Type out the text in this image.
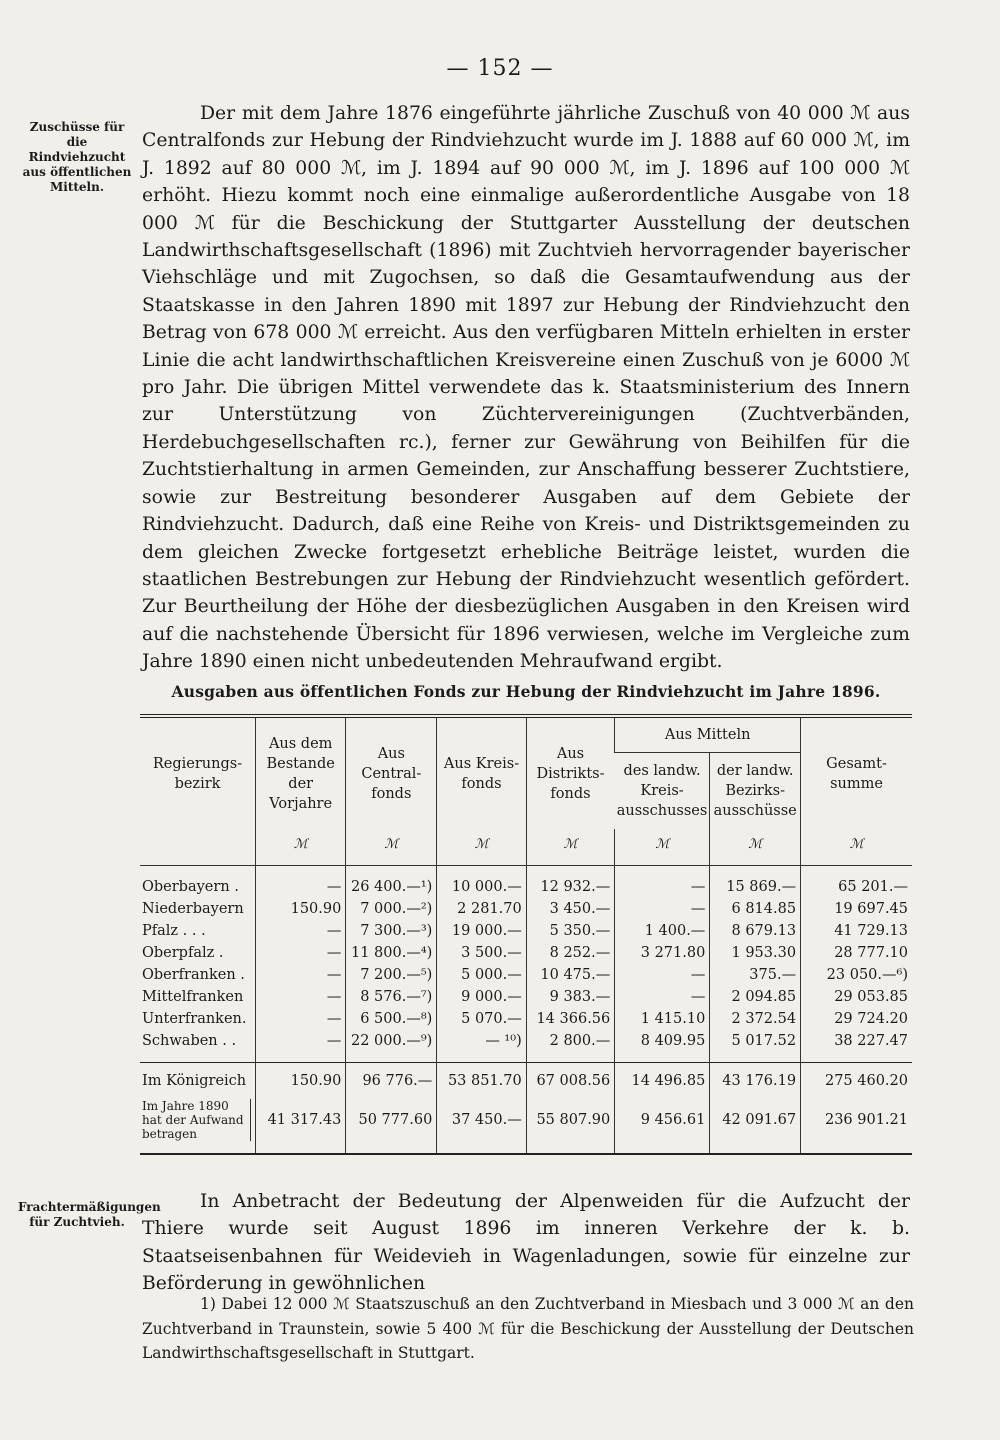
— 152 —
Zuschüsse für die Rindviehzucht aus öffentlichen Mitteln.
Frachtermäßigungen für Zuchtvieh.

Der mit dem Jahre 1876 eingeführte jährliche Zuschuß von 40 000 ℳ aus Centralfonds zur Hebung der Rindviehzucht wurde im J. 1888 auf 60 000 ℳ, im J. 1892 auf 80 000 ℳ, im J. 1894 auf 90 000 ℳ, im J. 1896 auf 100 000 ℳ erhöht. Hiezu kommt noch eine einmalige außerordentliche Ausgabe von 18 000 ℳ für die Beschickung der Stuttgarter Ausstellung der deutschen Landwirthschaftsgesellschaft (1896) mit Zuchtvieh hervorragender bayerischer Viehschläge und mit Zugochsen, so daß die Gesamtaufwendung aus der Staatskasse in den Jahren 1890 mit 1897 zur Hebung der Rindviehzucht den Betrag von 678 000 ℳ erreicht. Aus den verfügbaren Mitteln erhielten in erster Linie die acht landwirthschaftlichen Kreisvereine einen Zuschuß von je 6000 ℳ pro Jahr. Die übrigen Mittel verwendete das k. Staatsministerium des Innern zur Unterstützung von Züchtervereinigungen (Zuchtverbänden, Herdebuchgesellschaften rc.), ferner zur Gewährung von Beihilfen für die Zuchtstierhaltung in armen Gemeinden, zur Anschaffung besserer Zuchtstiere, sowie zur Bestreitung besonderer Ausgaben auf dem Gebiete der Rindviehzucht. Dadurch, daß eine Reihe von Kreis- und Distriktsgemeinden zu dem gleichen Zwecke fortgesetzt erhebliche Beiträge leistet, wurden die staatlichen Bestrebungen zur Hebung der Rindviehzucht wesentlich gefördert. Zur Beurtheilung der Höhe der diesbezüglichen Ausgaben in den Kreisen wird auf die nachstehende Übersicht für 1896 verwiesen, welche im Vergleiche zum Jahre 1890 einen nicht unbedeutenden Mehraufwand ergibt.

Ausgaben aus öffentlichen Fonds zur Hebung der Rindviehzucht im Jahre 1896.
Regierungs-bezirk	Aus dem Bestande der Vorjahre	Aus Central-fonds	Aus Kreis-fonds	Aus Distrikts-fonds	Aus Mitteln		Gesamt-summe
					des landw. Kreis-ausschusses	der landw. Bezirks-ausschüsse	
	ℳ	ℳ	ℳ	ℳ	ℳ	ℳ	ℳ

Oberbayern .	—	26 400.—¹)	10 000.—	12 932.—	—	15 869.—	65 201.—
Niederbayern	150.90	7 000.—²)	2 281.70	3 450.—	—	6 814.85	19 697.45
Pfalz . . .	—	7 300.—³)	19 000.—	5 350.—	1 400.—	8 679.13	41 729.13
Oberpfalz .	—	11 800.—⁴)	3 500.—	8 252.—	3 271.80	1 953.30	28 777.10
Oberfranken .	—	7 200.—⁵)	5 000.—	10 475.—	—	375.—	23 050.—⁶)
Mittelfranken	—	8 576.—⁷)	9 000.—	9 383.—	—	2 094.85	29 053.85
Unterfranken.	—	6 500.—⁸)	5 070.—	14 366.56	1 415.10	2 372.54	29 724.20
Schwaben . .	—	22 000.—⁹)	— ¹⁰)	2 800.—	8 409.95	5 017.52	38 227.47

Im Königreich	150.90	96 776.—	53 851.70	67 008.56	14 496.85	43 176.19	275 460.20
Im Jahre 1890 hat der Aufwand betragen	41 317.43	50 777.60	37 450.—	55 807.90	9 456.61	42 091.67	236 901.21

In Anbetracht der Bedeutung der Alpenweiden für die Aufzucht der Thiere wurde seit August 1896 im inneren Verkehre der k. b. Staatseisenbahnen für Weidevieh in Wagenladungen, sowie für einzelne zur Beförderung in gewöhnlichen

1) Dabei 12 000 ℳ Staatszuschuß an den Zuchtverband in Miesbach und 3 000 ℳ an den Zuchtverband in Traunstein, sowie 5 400 ℳ für die Beschickung der Ausstellung der Deutschen Landwirthschaftsgesellschaft in Stuttgart.
